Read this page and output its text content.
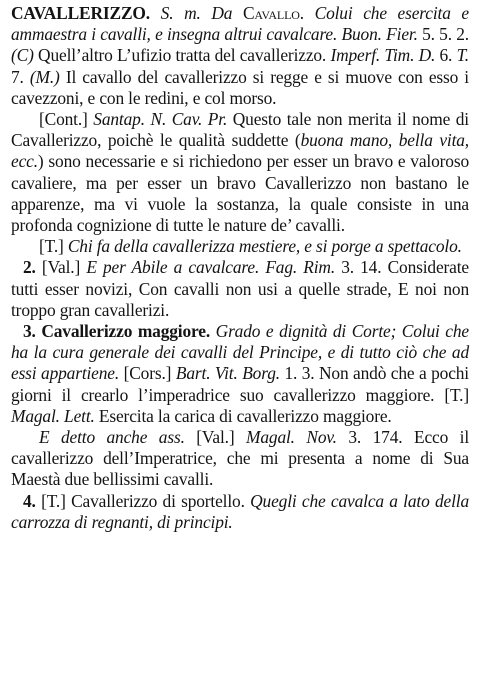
CAVALLERIZZO. S. m. Da Cavallo. Colui che esercita e ammaestra i cavalli, e insegna altrui cavalcare. Buon. Fier. 5. 5. 2. (C) Quell’altro L’ufizio tratta del cavallerizzo. Imperf. Tim. D. 6. T. 7. (M.) Il cavallo del cavallerizzo si regge e si muove con esso i cavezzoni, e con le redini, e col morso.

[Cont.] Santap. N. Cav. Pr. Questo tale non merita il nome di Cavallerizzo, poichè le qualità suddette (buona mano, bella vita, ecc.) sono necessarie e si richiedono per esser un bravo e valoroso cavaliere, ma per esser un bravo Cavallerizzo non bastano le apparenze, ma vi vuole la sostanza, la quale consiste in una profonda cognizione di tutte le nature de’ cavalli.

[T.] Chi fa della cavallerizza mestiere, e si porge a spettacolo.

2. [Val.] E per Abile a cavalcare. Fag. Rim. 3. 14. Considerate tutti esser novizi, Con cavalli non usi a quelle strade, E noi non troppo gran cavallerizi.

3. Cavallerizzo maggiore. Grado e dignità di Corte; Colui che ha la cura generale dei cavalli del Principe, e di tutto ciò che ad essi appartiene. [Cors.] Bart. Vit. Borg. 1. 3. Non andò che a pochi giorni il crearlo l’imperadrice suo cavallerizzo maggiore. [T.] Magal. Lett. Esercita la carica di cavallerizzo maggiore.

E detto anche ass. [Val.] Magal. Nov. 3. 174. Ecco il cavallerizzo dell’Imperatrice, che mi presenta a nome di Sua Maestà due bellissimi cavalli.

4. [T.] Cavallerizzo di sportello. Quegli che cavalca a lato della carrozza di regnanti, di principi.
